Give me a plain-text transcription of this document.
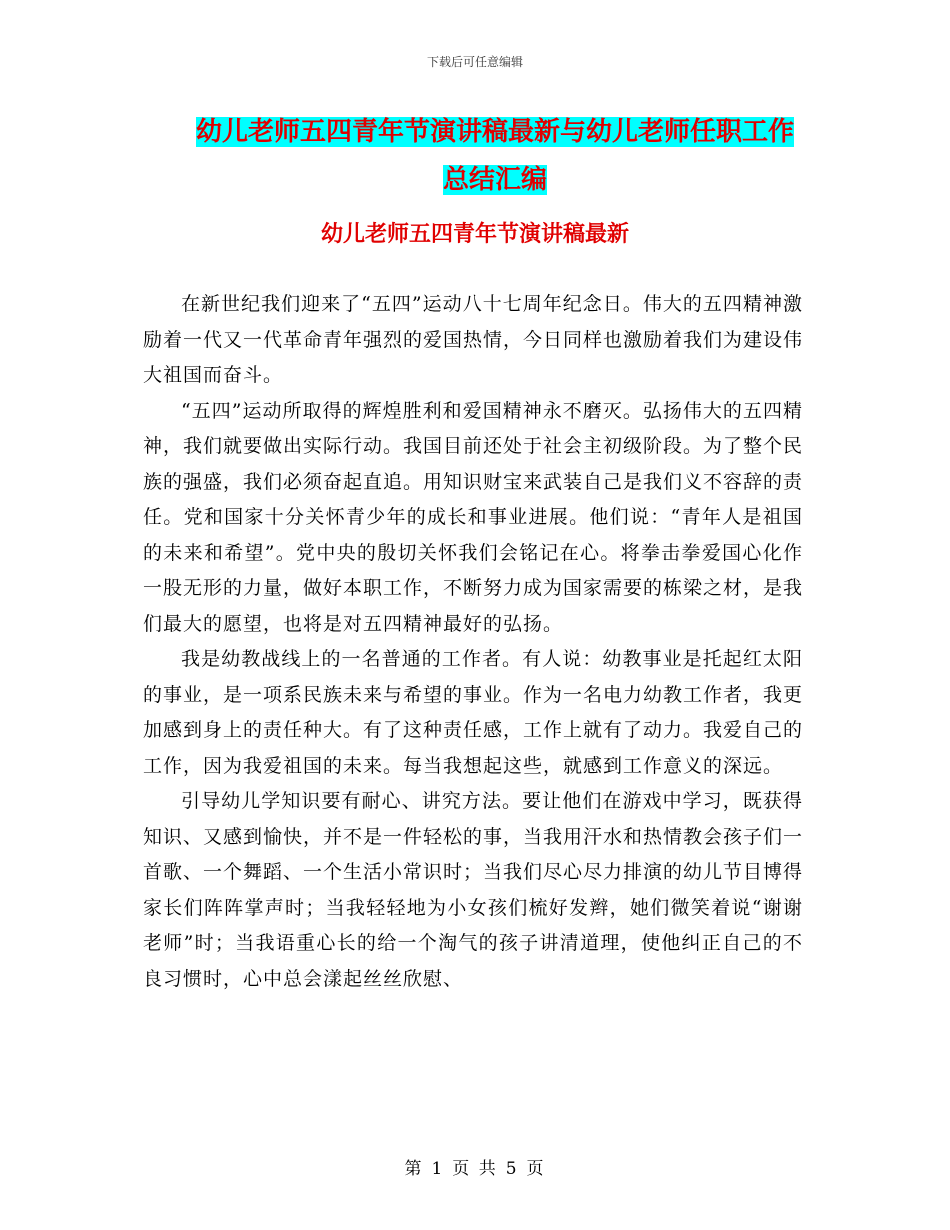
下载后可任意编辑
幼儿老师五四青年节演讲稿最新与幼儿老师任职工作
总结汇编
幼儿老师五四青年节演讲稿最新

在新世纪我们迎来了“五四”运动八十七周年纪念日。伟大的五四精神激励着一代又一代革命青年强烈的爱国热情，今日同样也激励着我们为建设伟大祖国而奋斗。

“五四”运动所取得的辉煌胜利和爱国精神永不磨灭。弘扬伟大的五四精神，我们就要做出实际行动。我国目前还处于社会主初级阶段。为了整个民族的强盛，我们必须奋起直追。用知识财宝来武装自己是我们义不容辞的责任。党和国家十分关怀青少年的成长和事业进展。他们说：“青年人是祖国的未来和希望”。党中央的殷切关怀我们会铭记在心。将拳击拳爱国心化作一股无形的力量，做好本职工作，不断努力成为国家需要的栋梁之材，是我们最大的愿望，也将是对五四精神最好的弘扬。

我是幼教战线上的一名普通的工作者。有人说：幼教事业是托起红太阳的事业，是一项系民族未来与希望的事业。作为一名电力幼教工作者，我更加感到身上的责任种大。有了这种责任感，工作上就有了动力。我爱自己的工作，因为我爱祖国的未来。每当我想起这些，就感到工作意义的深远。

引导幼儿学知识要有耐心、讲究方法。要让他们在游戏中学习，既获得知识、又感到愉快，并不是一件轻松的事，当我用汗水和热情教会孩子们一首歌、一个舞蹈、一个生活小常识时；当我们尽心尽力排演的幼儿节目博得家长们阵阵掌声时；当我轻轻地为小女孩们梳好发辫，她们微笑着说“谢谢老师”时；当我语重心长的给一个淘气的孩子讲清道理，使他纠正自己的不良习惯时，心中总会漾起丝丝欣慰、

第 1 页 共 5 页
